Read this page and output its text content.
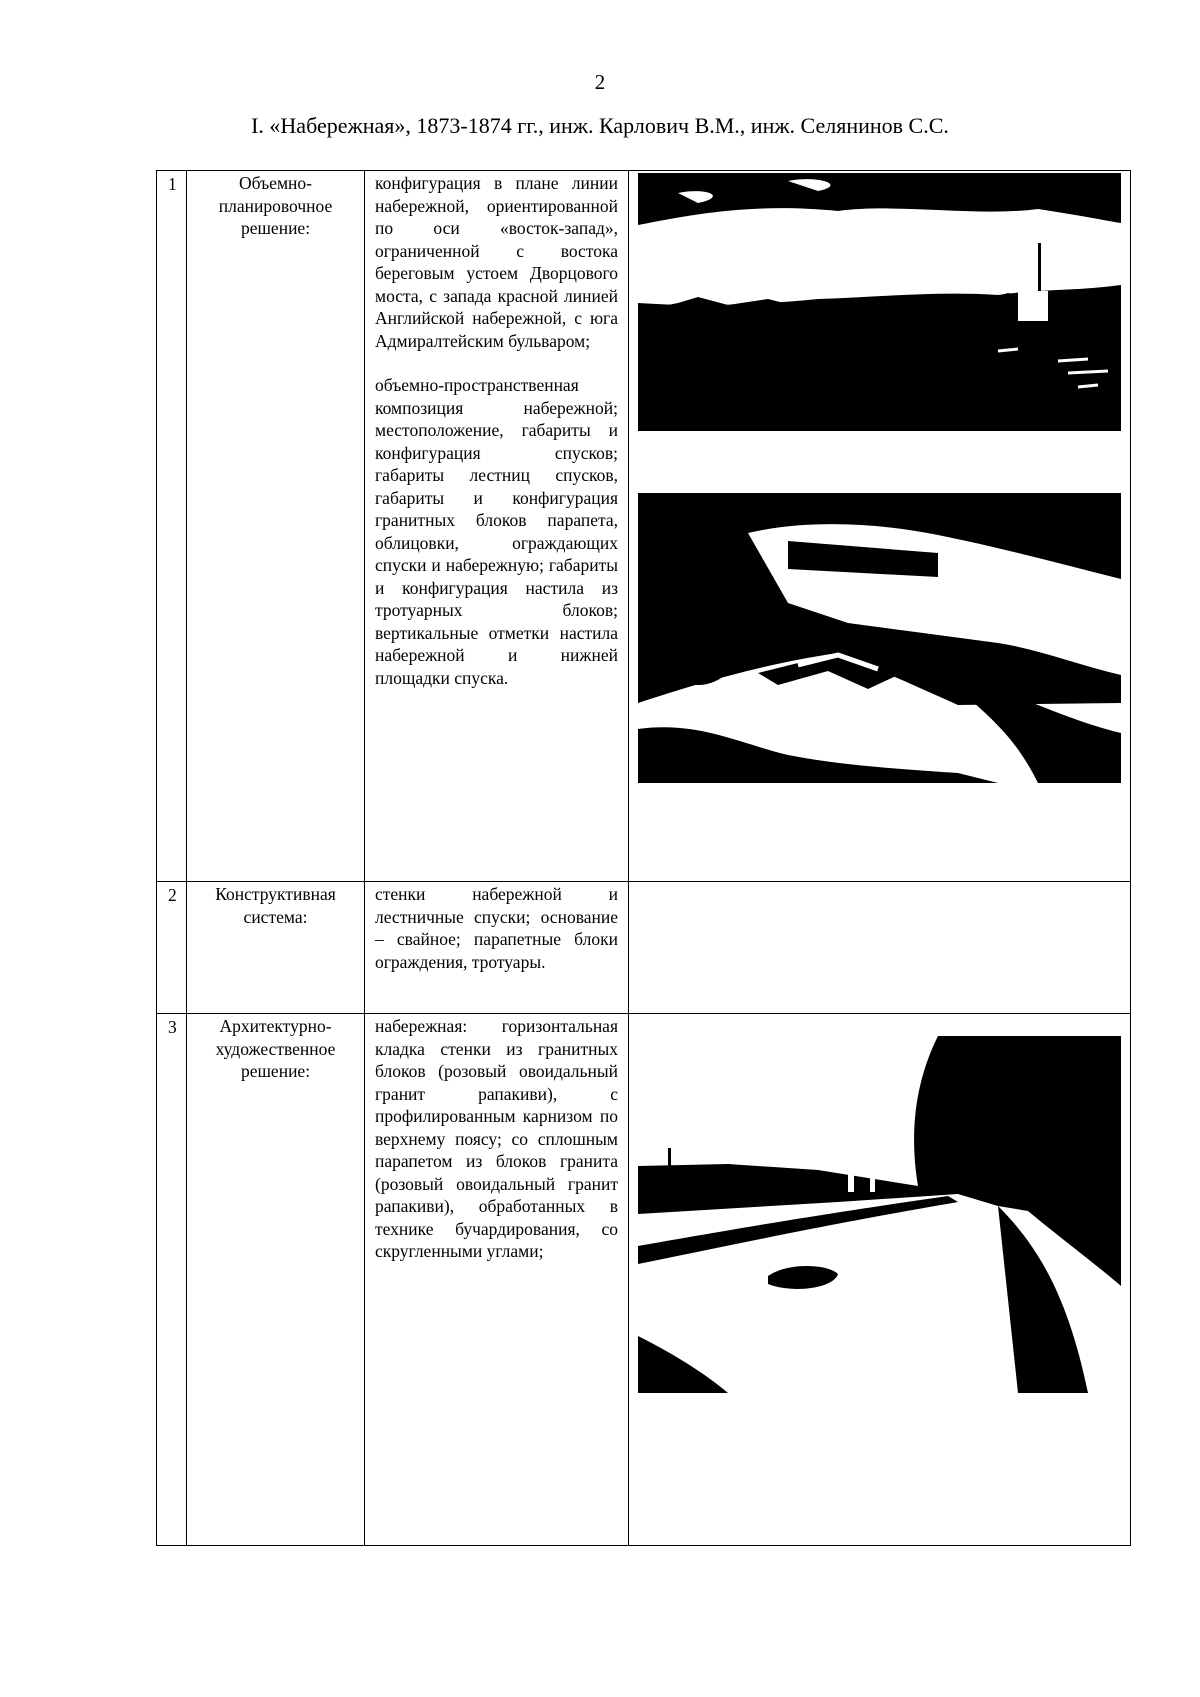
2
I. «Набережная», 1873-1874 гг., инж. Карлович В.М., инж. Селянинов С.С.
1	Объемно-планировочное решение:	конфигурация в плане линии набережной, ориентированной по оси «восток-запад», ограниченной с востока береговым устоем Дворцового моста, с запада красной линией Английской набережной, с юга Адмиралтейским бульваром;
объемно-пространственная композиция набережной; местоположение, габариты и конфигурация спусков; габариты лестниц спусков, габариты и конфигурация гранитных блоков парапета, облицовки, ограждающих спуски и набережную; габариты и конфигурация настила из тротуарных блоков; вертикальные отметки настила набережной и нижней площадки спуска.

2	Конструктивная система:	стенки набережной и лестничные спуски; основание – свайное; парапетные блоки ограждения, тротуары.	

3	Архитектурно-художественное решение:	набережная: горизонтальная кладка стенки из гранитных блоков (розовый овоидальный гранит рапакиви), с профилированным карнизом по верхнему поясу; со сплошным парапетом из блоков гранита (розовый овоидальный гранит рапакиви), обработанных в технике бучардирования, со скругленными углами;
